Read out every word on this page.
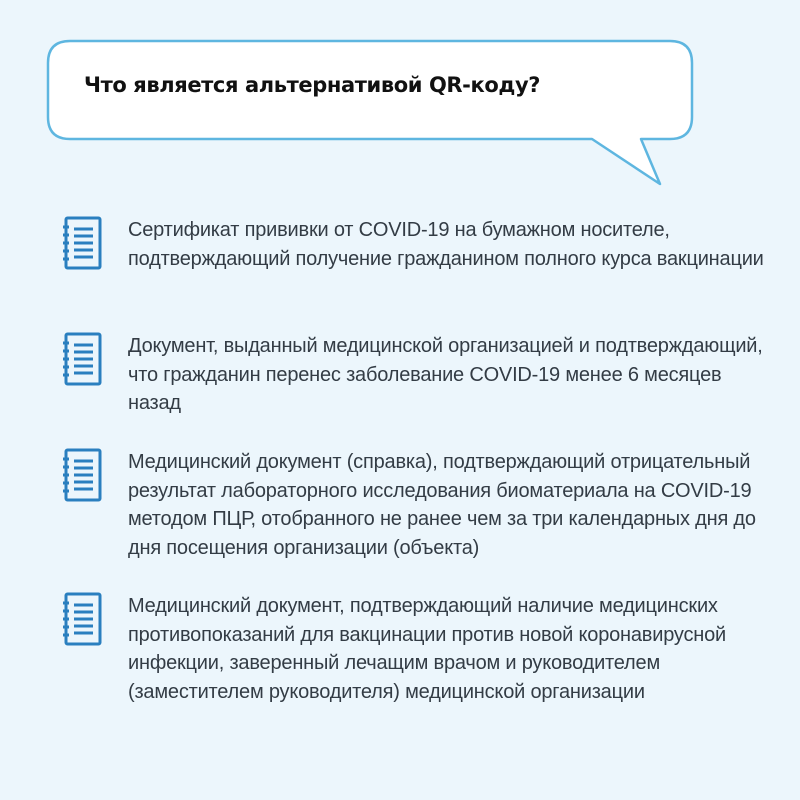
Что является альтернативой QR-коду?
Сертификат прививки от COVID-19 на бумажном носителе, подтверждающий получение гражданином полного курса вакцинации
Документ, выданный медицинской организацией и подтверждающий, что гражданин перенес заболевание COVID-19 менее 6 месяцев назад
Медицинский документ (справка), подтверждающий отрицательный результат лабораторного исследования биоматериала на COVID-19 методом ПЦР, отобранного не ранее чем за три календарных дня до дня посещения организации (объекта)
Медицинский документ, подтверждающий наличие медицинских противопоказаний для вакцинации против новой коронавирусной инфекции, заверенный лечащим врачом и руководителем (заместителем руководителя) медицинской организации
